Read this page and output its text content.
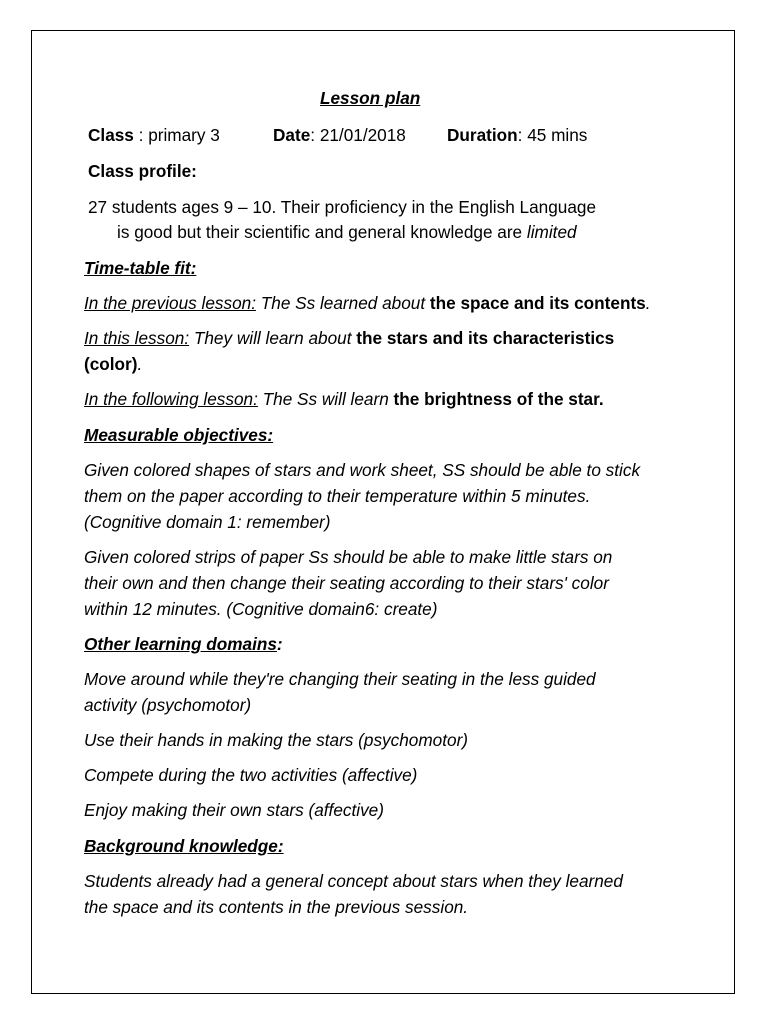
Lesson plan
Class : primary 3	Date: 21/01/2018 Duration: 45 mins
Class profile:
27 students ages 9 – 10. Their proficiency in the English Language
is good but their scientific and general knowledge are limited
Time-table fit:
In the previous lesson: The Ss learned about the space and its contents.
In this lesson: They will learn about the stars and its characteristics
(color).
In the following lesson: The Ss will learn the brightness of the star.
Measurable objectives:
Given colored shapes of stars and work sheet, SS should be able to stick
them on the paper according to their temperature within 5 minutes.
(Cognitive domain 1: remember)
Given colored strips of paper Ss should be able to make little stars on
their own and then change their seating according to their stars' color
within 12 minutes. (Cognitive domain6: create)
Other learning domains:
Move around while they're changing their seating in the less guided
activity (psychomotor)
Use their hands in making the stars (psychomotor)
Compete during the two activities (affective)
Enjoy making their own stars (affective)
Background knowledge:
Students already had a general concept about stars when they learned
the space and its contents in the previous session.
